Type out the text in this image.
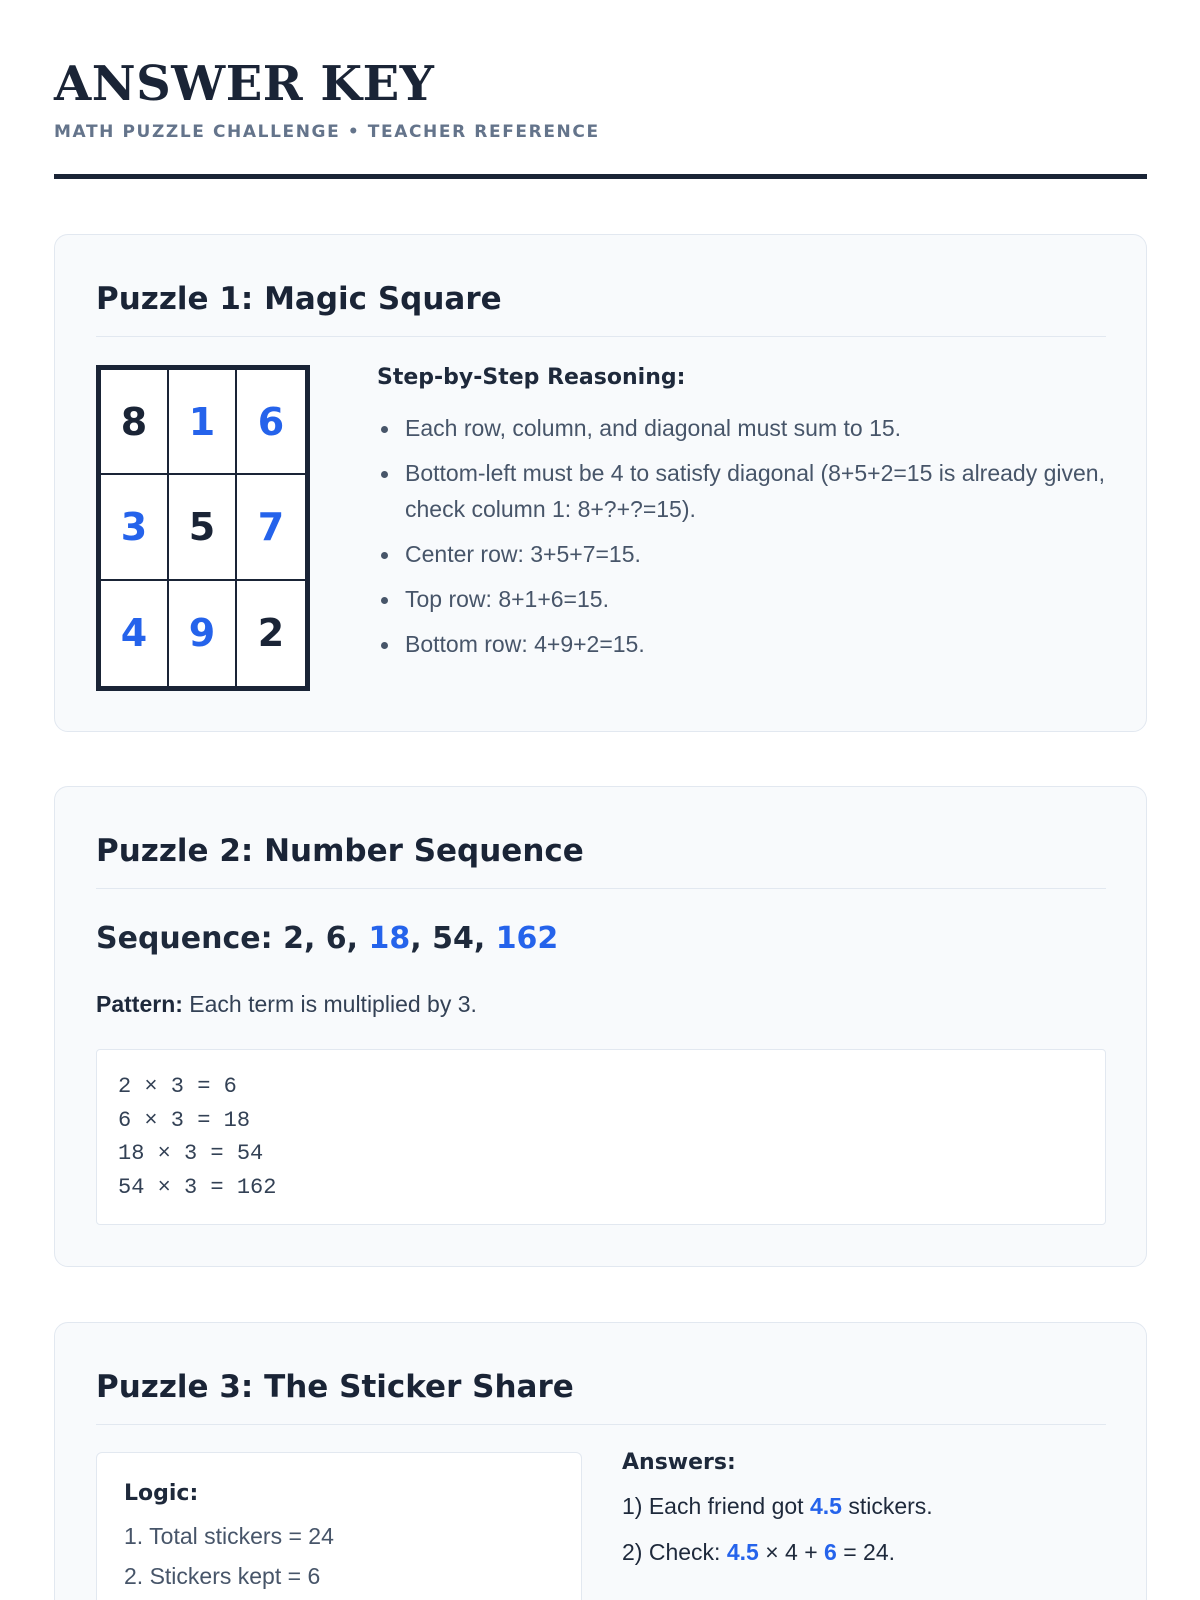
ANSWER KEY
MATH PUZZLE CHALLENGE • TEACHER REFERENCE
Puzzle 1: Magic Square
8	1	6
3	5	7
4	9	2
Step-by-Step Reasoning:
Each row, column, and diagonal must sum to 15.
Bottom-left must be 4 to satisfy diagonal (8+5+2=15 is already given, check column 1: 8+?+?=15).
Center row: 3+5+7=15.
Top row: 8+1+6=15.
Bottom row: 4+9+2=15.
Puzzle 2: Number Sequence
Sequence: 2, 6, 18, 54, 162
Pattern: Each term is multiplied by 3.
2 × 3 = 6
6 × 3 = 18
18 × 3 = 54
54 × 3 = 162
Puzzle 3: The Sticker Share
Logic:
1. Total stickers = 24
2. Stickers kept = 6
Answers:
1) Each friend got 4.5 stickers.
2) Check: 4.5 × 4 + 6 = 24.
